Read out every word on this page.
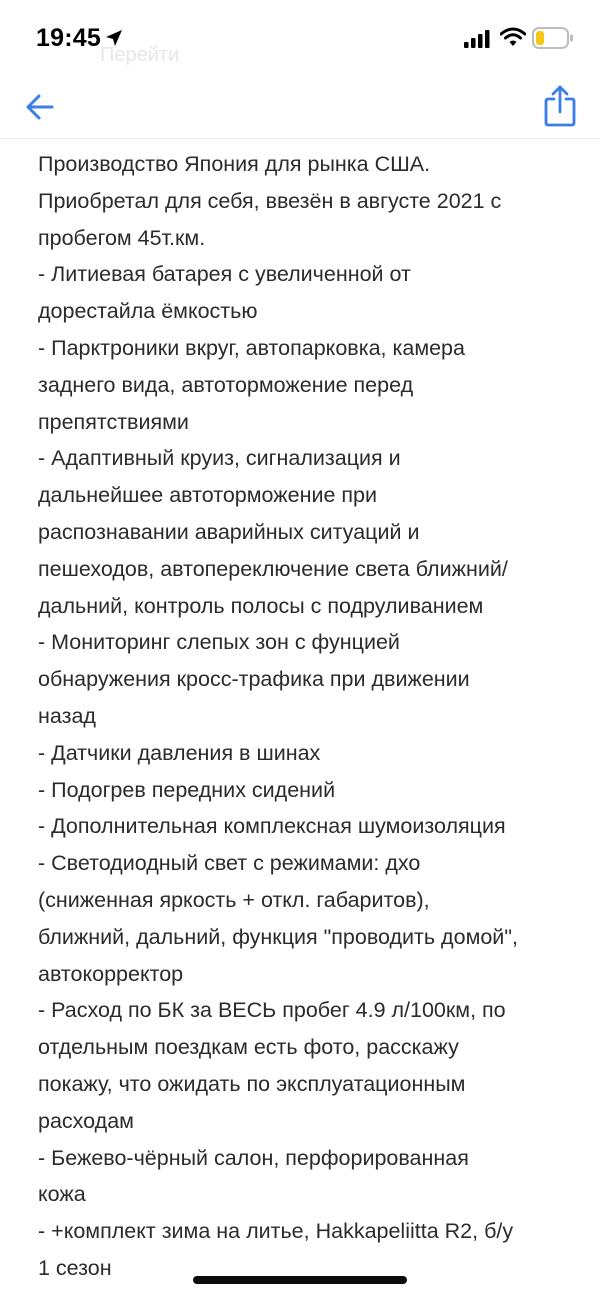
19:45
Перейти
Производство Япония для рынка США.
Приобретал для себя, ввезён в августе 2021 с
пробегом 45т.км.
- Литиевая батарея с увеличенной от
дорестайла ёмкостью
- Парктроники вкруг, автопарковка, камера
заднего вида, автоторможение перед
препятствиями
- Адаптивный круиз, сигнализация и
дальнейшее автоторможение при
распознавании аварийных ситуаций и
пешеходов, автопереключение света ближний/
дальний, контроль полосы с подруливанием
- Мониторинг слепых зон с фунцией
обнаружения кросс-трафика при движении
назад
- Датчики давления в шинах
- Подогрев передних сидений
- Дополнительная комплексная шумоизоляция
- Светодиодный свет с режимами: дхо
(сниженная яркость + откл. габаритов),
ближний, дальний, функция "проводить домой",
автокорректор
- Расход по БК за ВЕСЬ пробег 4.9 л/100км, по
отдельным поездкам есть фото, расскажу
покажу, что ожидать по эксплуатационным
расходам
- Бежево-чёрный салон, перфорированная
кожа
- +комплект зима на литье, Hakkapeliitta R2, б/у
1 сезон
